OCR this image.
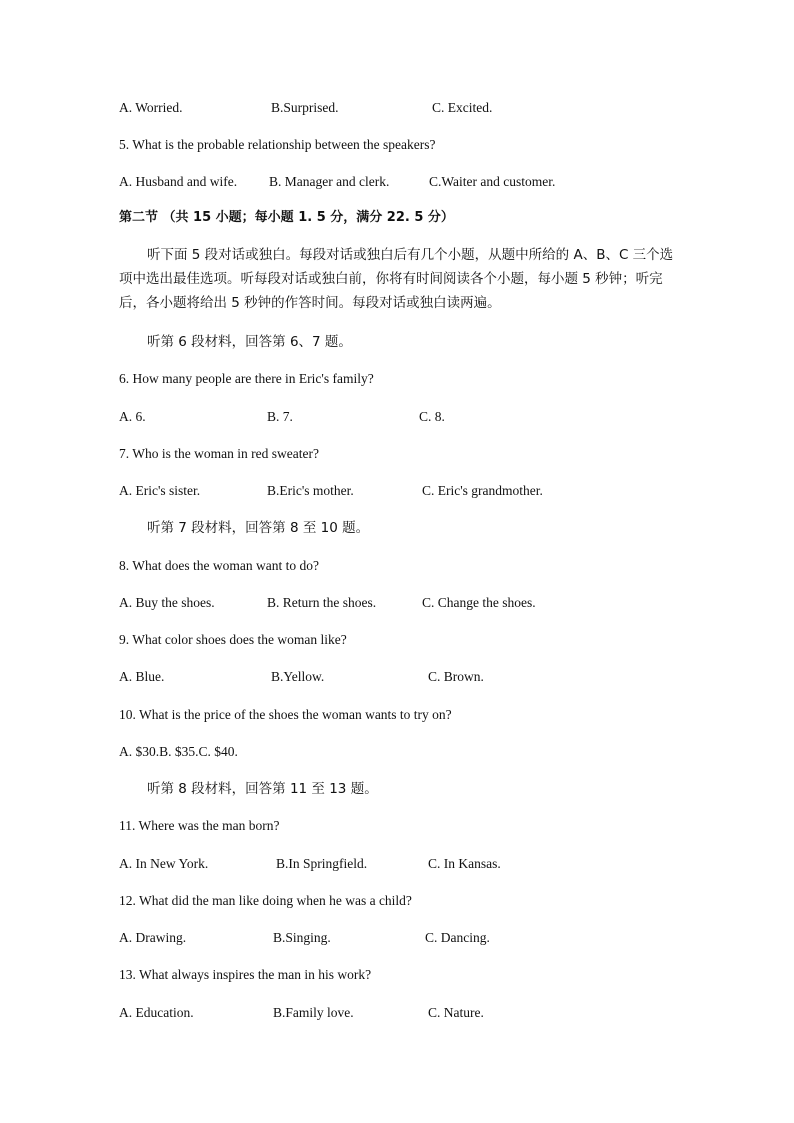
A. Worried.	B.Surprised.	C. Excited.
5. What is the probable relationship between the speakers?
A. Husband and wife. B. Manager and clerk.	C.Waiter and customer.
第二节 （共 15 小题；每小题 1. 5 分，满分 22. 5 分）
听下面 5 段对话或独白。每段对话或独白后有几个小题，从题中所给的 A、B、C 三个选项中选出最佳选项。听每段对话或独白前，你将有时间阅读各个小题，每小题 5 秒钟；听完后，各小题将给出 5 秒钟的作答时间。每段对话或独白读两遍。
听第 6 段材料，回答第 6、7 题。
6. How many people are there in Eric's family?
A. 6.	B. 7.	C. 8.
7. Who is the woman in red sweater?
A. Eric's sister.	B.Eric's mother.	C. Eric's grandmother.
听第 7 段材料，回答第 8 至 10 题。
8. What does the woman want to do?
A. Buy the shoes.	B. Return the shoes.	C. Change the shoes.
9. What color shoes does the woman like?
A. Blue.	B.Yellow.	C. Brown.
10. What is the price of the shoes the woman wants to try on?
A. $30.B. $35.C. $40.
听第 8 段材料，回答第 11 至 13 题。
11. Where was the man born?
A. In New York.	B.In Springfield.	C. In Kansas.
12. What did the man like doing when he was a child?
A. Drawing.	B.Singing.	C. Dancing.
13. What always inspires the man in his work?
A. Education.	B.Family love.	C. Nature.
